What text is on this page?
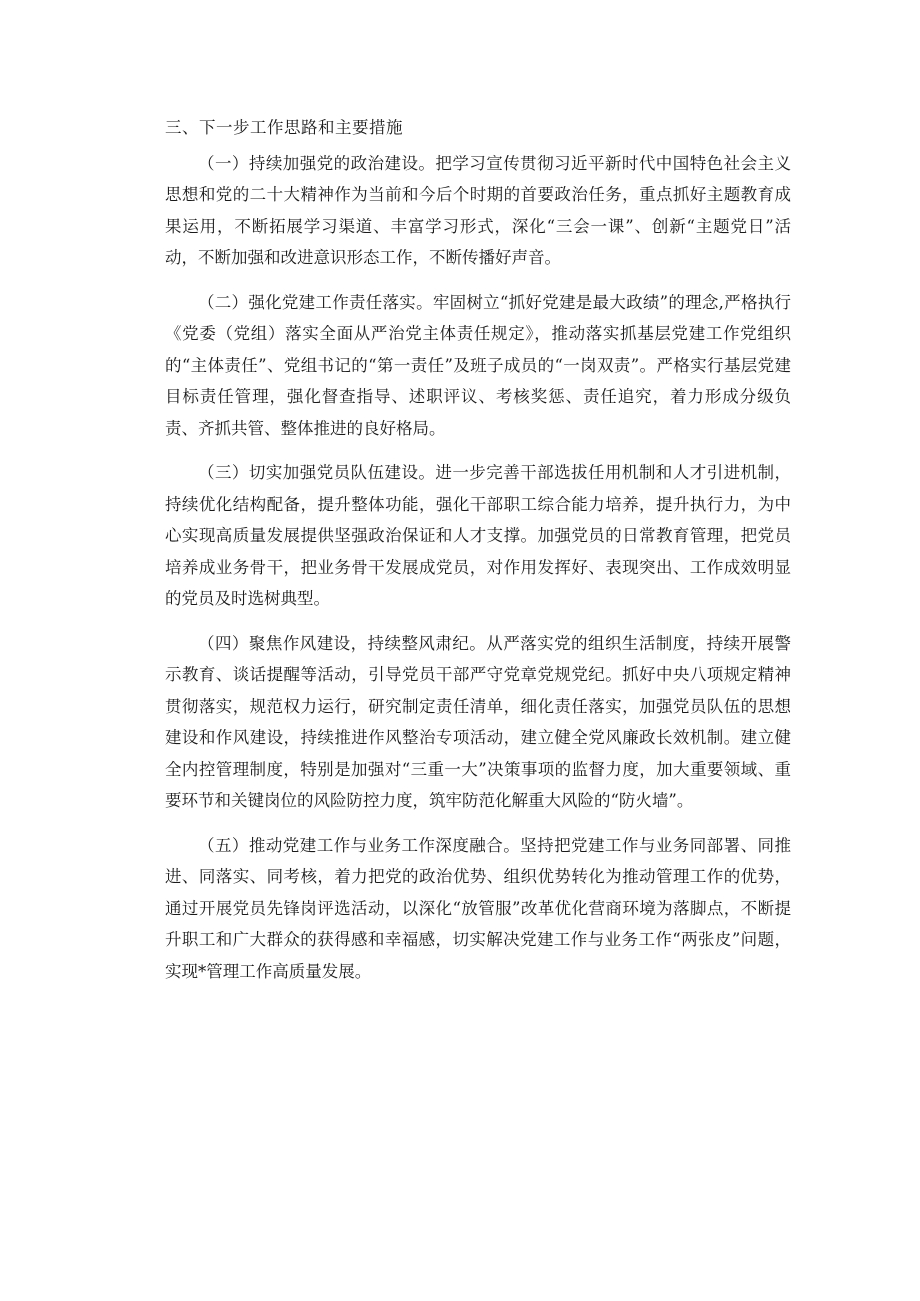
三、下一步工作思路和主要措施

（一）持续加强党的政治建设。把学习宣传贯彻习近平新时代中国特色社会主义思想和党的二十大精神作为当前和今后个时期的首要政治任务，重点抓好主题教育成果运用，不断拓展学习渠道、丰富学习形式，深化“三会一课”、创新“主题党日”活动，不断加强和改进意识形态工作，不断传播好声音。

（二）强化党建工作责任落实。牢固树立“抓好党建是最大政绩”的理念,严格执行《党委（党组）落实全面从严治党主体责任规定》，推动落实抓基层党建工作党组织的“主体责任”、党组书记的“第一责任”及班子成员的“一岗双责”。严格实行基层党建目标责任管理，强化督查指导、述职评议、考核奖惩、责任追究，着力形成分级负责、齐抓共管、整体推进的良好格局。

（三）切实加强党员队伍建设。进一步完善干部选拔任用机制和人才引进机制，持续优化结构配备，提升整体功能，强化干部职工综合能力培养，提升执行力，为中心实现高质量发展提供坚强政治保证和人才支撑。加强党员的日常教育管理，把党员培养成业务骨干，把业务骨干发展成党员，对作用发挥好、表现突出、工作成效明显的党员及时选树典型。

（四）聚焦作风建设，持续整风肃纪。从严落实党的组织生活制度，持续开展警示教育、谈话提醒等活动，引导党员干部严守党章党规党纪。抓好中央八项规定精神贯彻落实，规范权力运行，研究制定责任清单，细化责任落实，加强党员队伍的思想建设和作风建设，持续推进作风整治专项活动，建立健全党风廉政长效机制。建立健全内控管理制度，特别是加强对“三重一大”决策事项的监督力度，加大重要领域、重要环节和关键岗位的风险防控力度，筑牢防范化解重大风险的“防火墙”。

（五）推动党建工作与业务工作深度融合。坚持把党建工作与业务同部署、同推进、同落实、同考核，着力把党的政治优势、组织优势转化为推动管理工作的优势，通过开展党员先锋岗评选活动，以深化“放管服”改革优化营商环境为落脚点，不断提升职工和广大群众的获得感和幸福感，切实解决党建工作与业务工作“两张皮”问题，实现*管理工作高质量发展。
